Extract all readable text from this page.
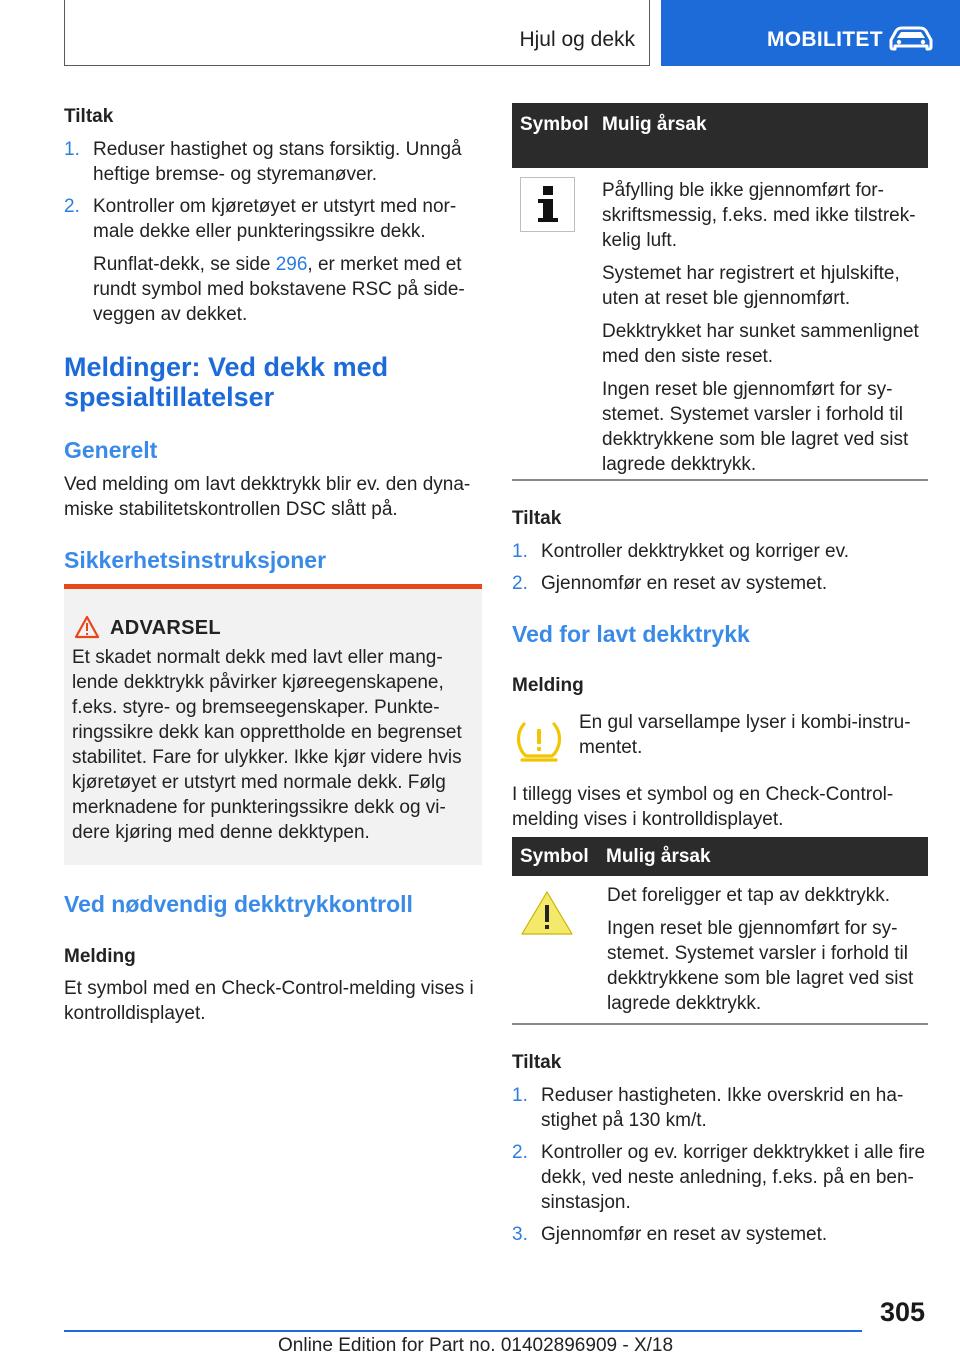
Hjul og dekk	MOBILITET
Tiltak
1. Reduser hastighet og stans forsiktig. Unngå heftige bremse- og styremanøver.
2. Kontroller om kjøretøyet er utstyrt med normale dekke eller punkteringssikre dekk.
Runflat-dekk, se side 296, er merket med et rundt symbol med bokstavene RSC på sideveggen av dekket.
Meldinger: Ved dekk med
spesialtillatelser
Generelt
Ved melding om lavt dekktrykk blir ev. den dynamiske stabilitetskontrollen DSC slått på.
Sikkerhetsinstruksjoner
ADVARSEL
Et skadet normalt dekk med lavt eller manglende dekktrykk påvirker kjøreegenskapene, f.eks. styre- og bremseegenskaper. Punkteringssikre dekk kan opprettholde en begrenset stabilitet. Fare for ulykker. Ikke kjør videre hvis kjøretøyet er utstyrt med normale dekk. Følg merknadene for punkteringssikre dekk og videre kjøring med denne dekktypen.
Ved nødvendig dekktrykkontroll
Melding
Et symbol med en Check-Control-melding vises i kontrolldisplayet.
Symbol Mulig årsak
Påfylling ble ikke gjennomført forskriftsmessig, f.eks. med ikke tilstrekkelig luft.
Systemet har registrert et hjulskifte, uten at reset ble gjennomført.
Dekktrykket har sunket sammenlignet med den siste reset.
Ingen reset ble gjennomført for systemet. Systemet varsler i forhold til dekktrykkene som ble lagret ved sist lagrede dekktrykk.
Tiltak
1. Kontroller dekktrykket og korriger ev.
2. Gjennomfør en reset av systemet.
Ved for lavt dekktrykk
Melding
En gul varsellampe lyser i kombi-instrumentet.
I tillegg vises et symbol og en Check-Control-melding vises i kontrolldisplayet.
Symbol Mulig årsak
Det foreligger et tap av dekktrykk.
Ingen reset ble gjennomført for systemet. Systemet varsler i forhold til dekktrykkene som ble lagret ved sist lagrede dekktrykk.
Tiltak
1. Reduser hastigheten. Ikke overskrid en hastighet på 130 km/t.
2. Kontroller og ev. korriger dekktrykket i alle fire dekk, ved neste anledning, f.eks. på en bensinstasjon.
3. Gjennomfør en reset av systemet.
305
Online Edition for Part no. 01402896909 - X/18
